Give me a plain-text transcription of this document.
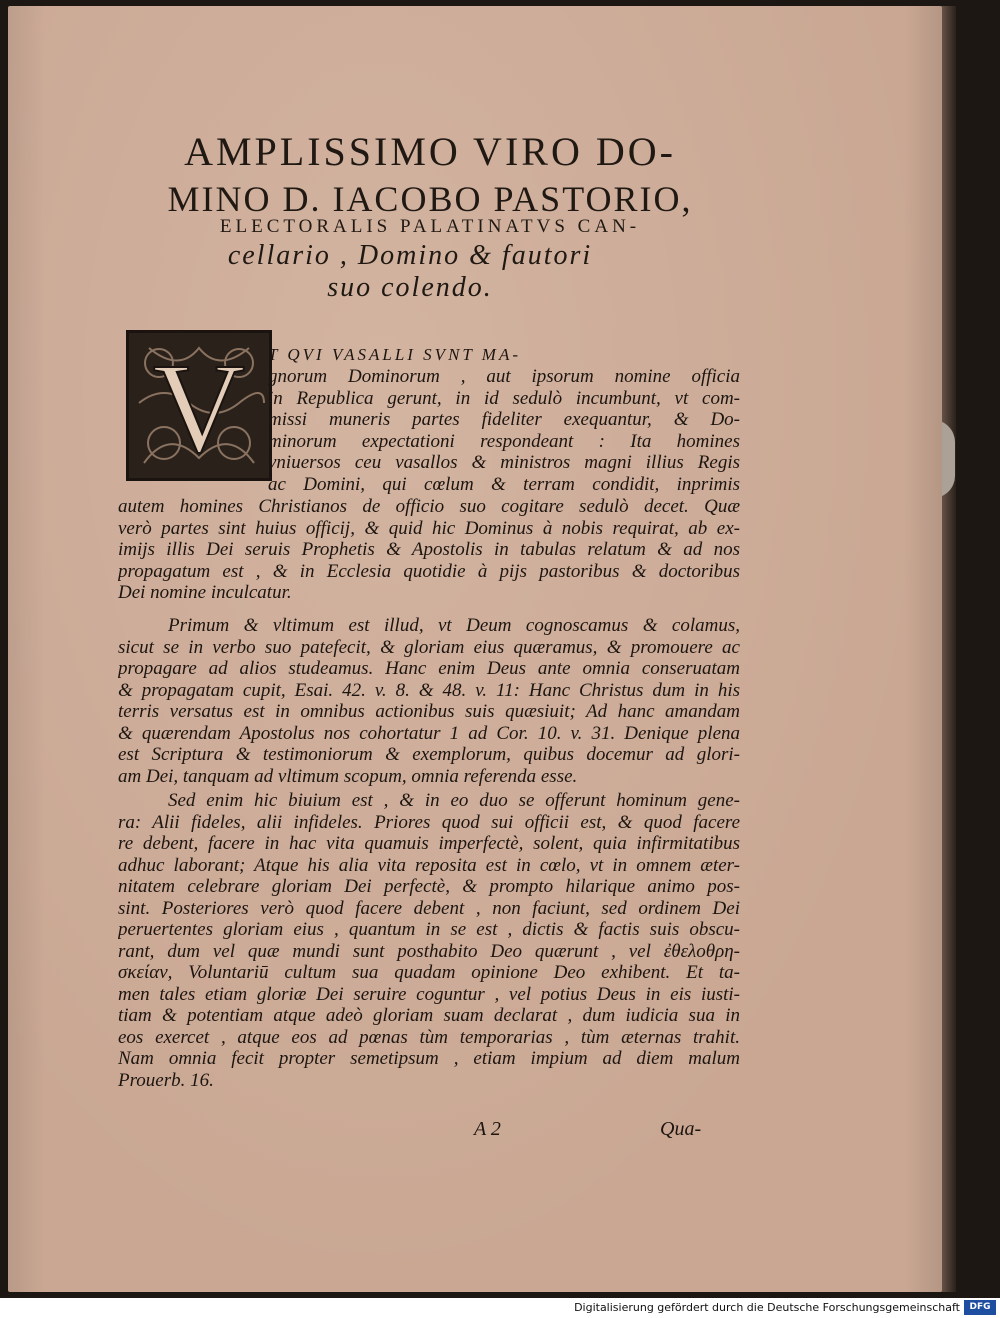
AMPLISSIMO VIRO DO-
MINO D. IACOBO PASTORIO,
ELECTORALIS PALATINATVS CAN-
cellario , Domino & fautori
suo colendo.
V T QVI VASALLI SVNT MA-
gnorum Dominorum , aut ipsorum nomine officia
in Republica gerunt, in id sedulò incumbunt, vt com-
missi muneris partes fideliter exequantur, & Do-
minorum expectationi respondeant : Ita homines
vniuersos ceu vasallos & ministros magni illius Regis
ac Domini, qui cœlum & terram condidit, inprimis
autem homines Christianos de officio suo cogitare sedulò decet. Quæ
verò partes sint huius officij, & quid hic Dominus à nobis requirat, ab ex-
imijs illis Dei seruis Prophetis & Apostolis in tabulas relatum & ad nos
propagatum est , & in Ecclesia quotidie à pijs pastoribus & doctoribus
Dei nomine inculcatur.
Primum & vltimum est illud, vt Deum cognoscamus & colamus,
sicut se in verbo suo patefecit, & gloriam eius quæramus, & promouere ac
propagare ad alios studeamus. Hanc enim Deus ante omnia conseruatam
& propagatam cupit, Esai. 42. v. 8. & 48. v. 11: Hanc Christus dum in his
terris versatus est in omnibus actionibus suis quæsiuit; Ad hanc amandam
& quærendam Apostolus nos cohortatur 1 ad Cor. 10. v. 31. Denique plena
est Scriptura & testimoniorum & exemplorum, quibus docemur ad glori-
am Dei, tanquam ad vltimum scopum, omnia referenda esse.
Sed enim hic biuium est , & in eo duo se offerunt hominum gene-
ra: Alii fideles, alii infideles. Priores quod sui officii est, & quod facere
re debent, facere in hac vita quamuis imperfectè, solent, quia infirmitatibus
adhuc laborant; Atque his alia vita reposita est in cœlo, vt in omnem æter-
nitatem celebrare gloriam Dei perfectè, & prompto hilarique animo pos-
sint. Posteriores verò quod facere debent , non faciunt, sed ordinem Dei
peruertentes gloriam eius , quantum in se est , dictis & factis suis obscu-
rant, dum vel quæ mundi sunt posthabito Deo quærunt , vel ἐθελοθρη-
σκείαν, Voluntariū cultum sua quadam opinione Deo exhibent. Et ta-
men tales etiam gloriæ Dei seruire coguntur , vel potius Deus in eis iusti-
tiam & potentiam atque adeò gloriam suam declarat , dum iudicia sua in
eos exercet , atque eos ad pœnas tùm temporarias , tùm æternas trahit.
Nam omnia fecit propter semetipsum , etiam impium ad diem malum
Prouerb. 16.
A 2	Qua-
Digitalisierung gefördert durch die Deutsche Forschungsgemeinschaft	DFG
